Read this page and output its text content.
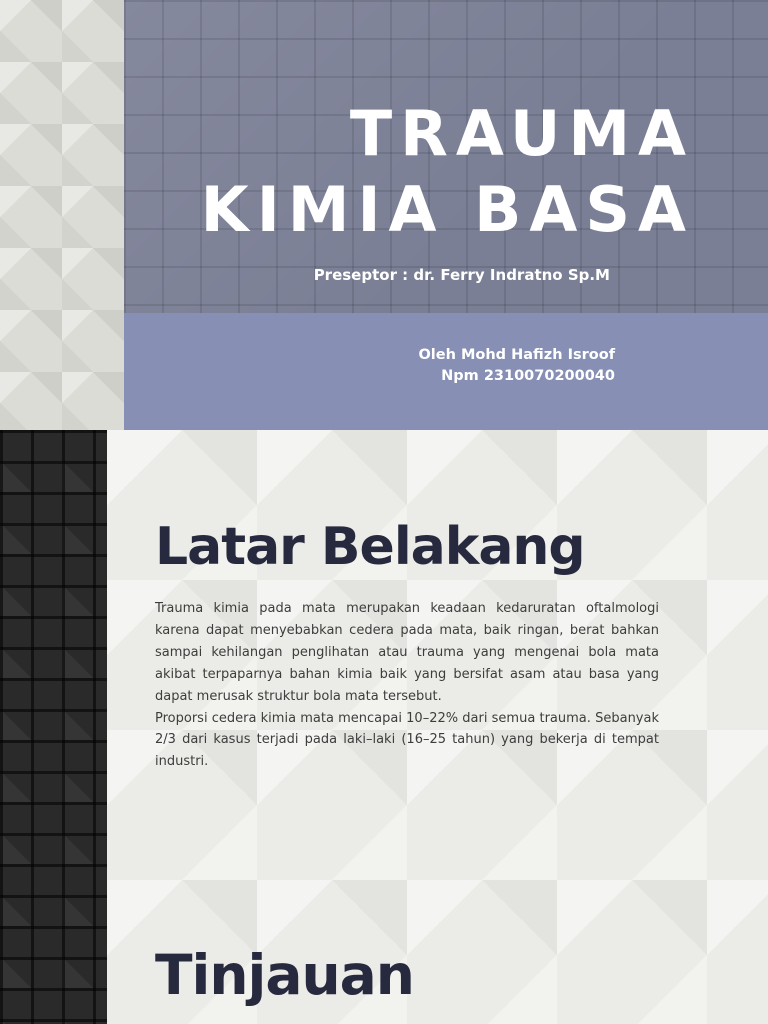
TRAUMA
KIMIA BASA
Preseptor : dr. Ferry Indratno Sp.M
Oleh Mohd Hafizh Isroof
Npm 2310070200040
Latar Belakang

Trauma kimia pada mata merupakan keadaan kedaruratan oftalmologi karena dapat menyebabkan cedera pada mata, baik ringan, berat bahkan sampai kehilangan penglihatan atau trauma yang mengenai bola mata akibat terpaparnya bahan kimia baik yang bersifat asam atau basa yang dapat merusak struktur bola mata tersebut.

Proporsi cedera kimia mata mencapai 10–22% dari semua trauma. Sebanyak 2/3 dari kasus terjadi pada laki–laki (16–25 tahun) yang bekerja di tempat industri.

Tinjauan
